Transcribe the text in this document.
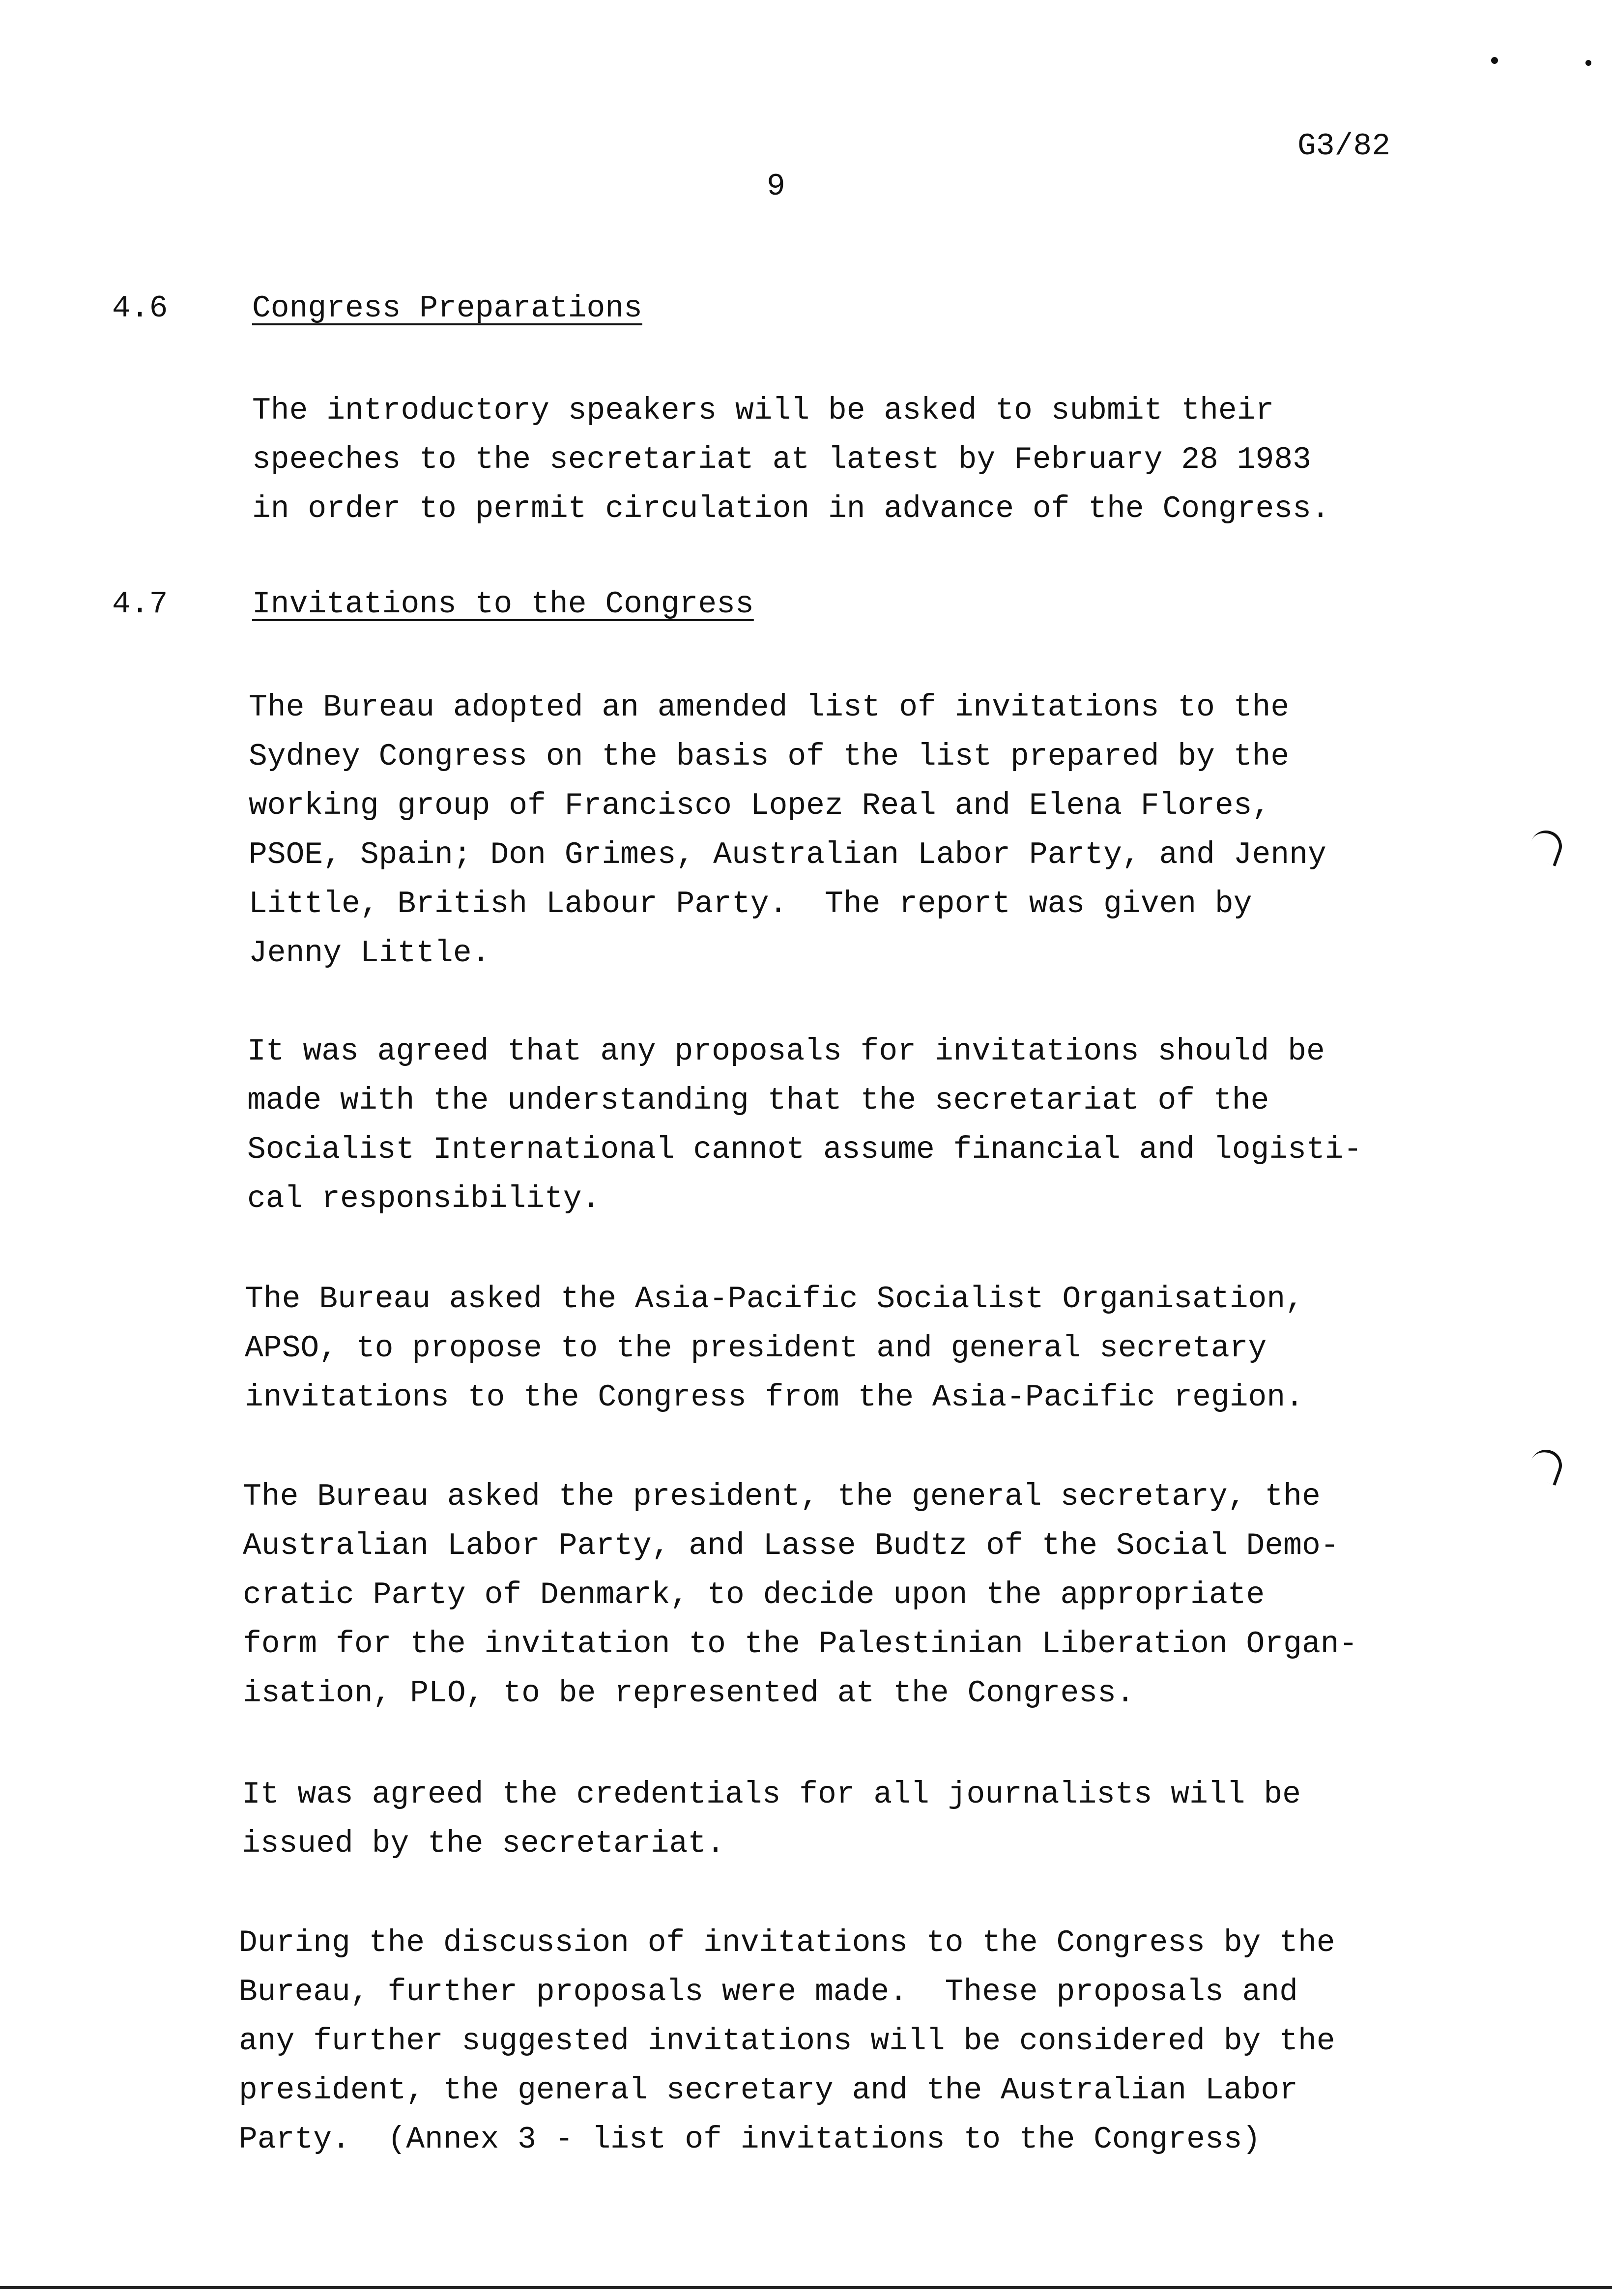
G3/82
9
4.6	Congress Preparations
The introductory speakers will be asked to submit their
speeches to the secretariat at latest by February 28 1983
in order to permit circulation in advance of the Congress.
4.7	Invitations to the Congress
The Bureau adopted an amended list of invitations to the
Sydney Congress on the basis of the list prepared by the
working group of Francisco Lopez Real and Elena Flores,
PSOE, Spain; Don Grimes, Australian Labor Party, and Jenny
Little, British Labour Party.  The report was given by
Jenny Little.
It was agreed that any proposals for invitations should be
made with the understanding that the secretariat of the
Socialist International cannot assume financial and logisti-
cal responsibility.
The Bureau asked the Asia-Pacific Socialist Organisation,
APSO, to propose to the president and general secretary
invitations to the Congress from the Asia-Pacific region.
The Bureau asked the president, the general secretary, the
Australian Labor Party, and Lasse Budtz of the Social Demo-
cratic Party of Denmark, to decide upon the appropriate
form for the invitation to the Palestinian Liberation Organ-
isation, PLO, to be represented at the Congress.
It was agreed the credentials for all journalists will be
issued by the secretariat.
During the discussion of invitations to the Congress by the
Bureau, further proposals were made.  These proposals and
any further suggested invitations will be considered by the
president, the general secretary and the Australian Labor
Party.  (Annex 3 - list of invitations to the Congress)
